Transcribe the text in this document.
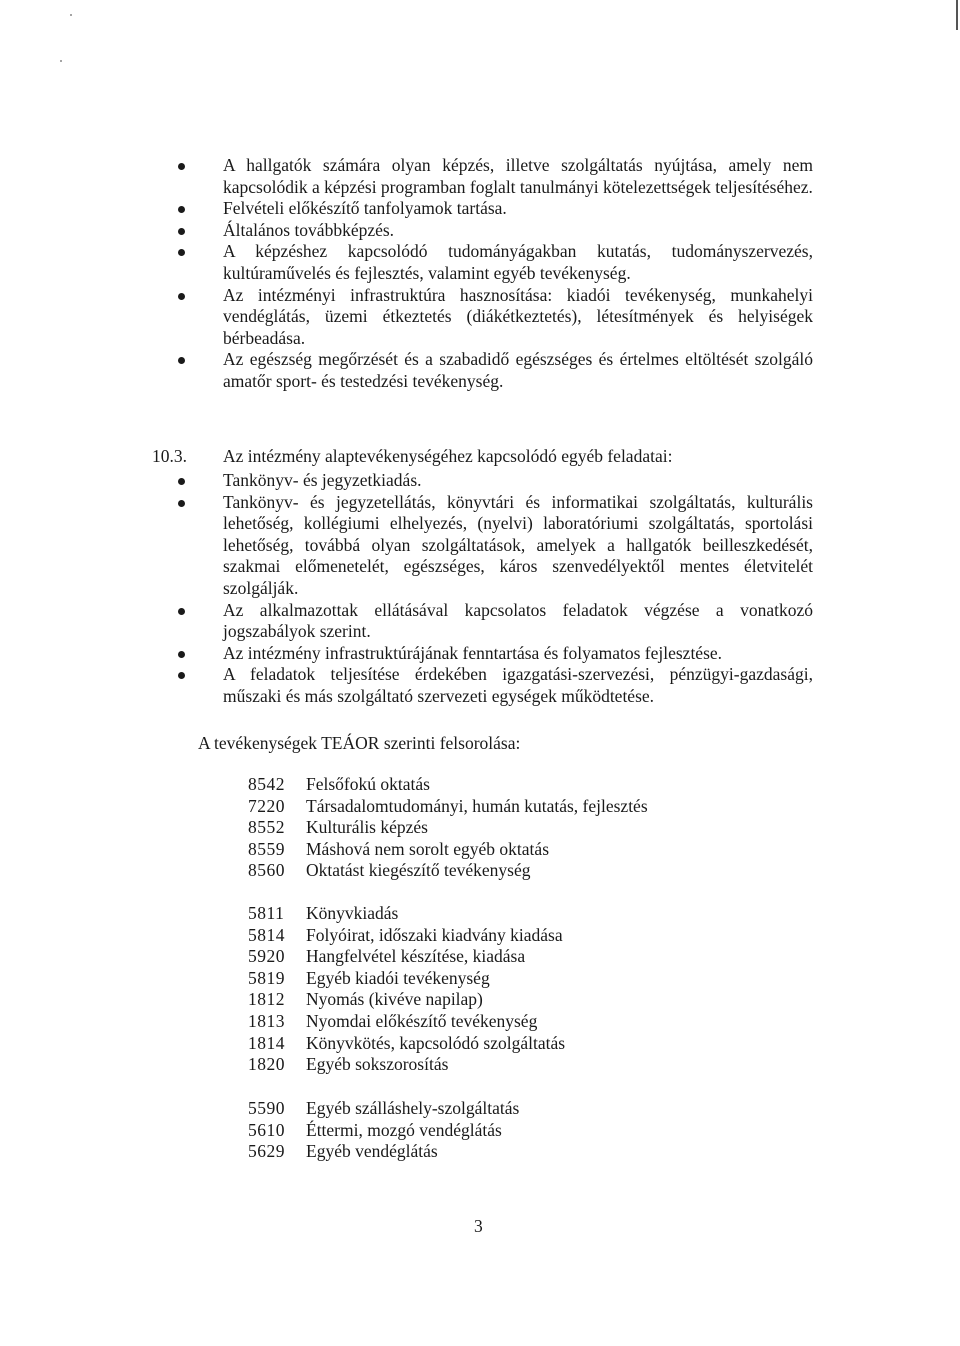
A hallgatók számára olyan képzés, illetve szolgáltatás nyújtása, amely nem kapcsolódik a képzési programban foglalt tanulmányi kötelezettségek teljesítéséhez.
Felvételi előkészítő tanfolyamok tartása.
Általános továbbképzés.
A képzéshez kapcsolódó tudományágakban kutatás, tudományszervezés, kultúraművelés és fejlesztés, valamint egyéb tevékenység.
Az intézményi infrastruktúra hasznosítása: kiadói tevékenység, munkahelyi vendéglátás, üzemi étkeztetés (diákétkeztetés), létesítmények és helyiségek bérbeadása.
Az egészség megőrzését és a szabadidő egészséges és értelmes eltöltését szolgáló amatőr sport- és testedzési tevékenység.
10.3. Az intézmény alaptevékenységéhez kapcsolódó egyéb feladatai:
Tankönyv- és jegyzetkiadás.
Tankönyv- és jegyzetellátás, könyvtári és informatikai szolgáltatás, kulturális lehetőség, kollégiumi elhelyezés, (nyelvi) laboratóriumi szolgáltatás, sportolási lehetőség, továbbá olyan szolgáltatások, amelyek a hallgatók beilleszkedését, szakmai előmenetelét, egészséges, káros szenvedélyektől mentes életvitelét szolgálják.
Az alkalmazottak ellátásával kapcsolatos feladatok végzése a vonatkozó jogszabályok szerint.
Az intézmény infrastruktúrájának fenntartása és folyamatos fejlesztése.
A feladatok teljesítése érdekében igazgatási-szervezési, pénzügyi-gazdasági, műszaki és más szolgáltató szervezeti egységek működtetése.
A tevékenységek TEÁOR szerinti felsorolása:
8542	Felsőfokú oktatás
7220	Társadalomtudományi, humán kutatás, fejlesztés
8552	Kulturális képzés
8559	Máshová nem sorolt egyéb oktatás
8560	Oktatást kiegészítő tevékenység
5811	Könyvkiadás
5814	Folyóirat, időszaki kiadvány kiadása
5920	Hangfelvétel készítése, kiadása
5819	Egyéb kiadói tevékenység
1812	Nyomás (kivéve napilap)
1813	Nyomdai előkészítő tevékenység
1814	Könyvkötés, kapcsolódó szolgáltatás
1820	Egyéb sokszorosítás
5590	Egyéb szálláshely-szolgáltatás
5610	Éttermi, mozgó vendéglátás
5629	Egyéb vendéglátás
3
